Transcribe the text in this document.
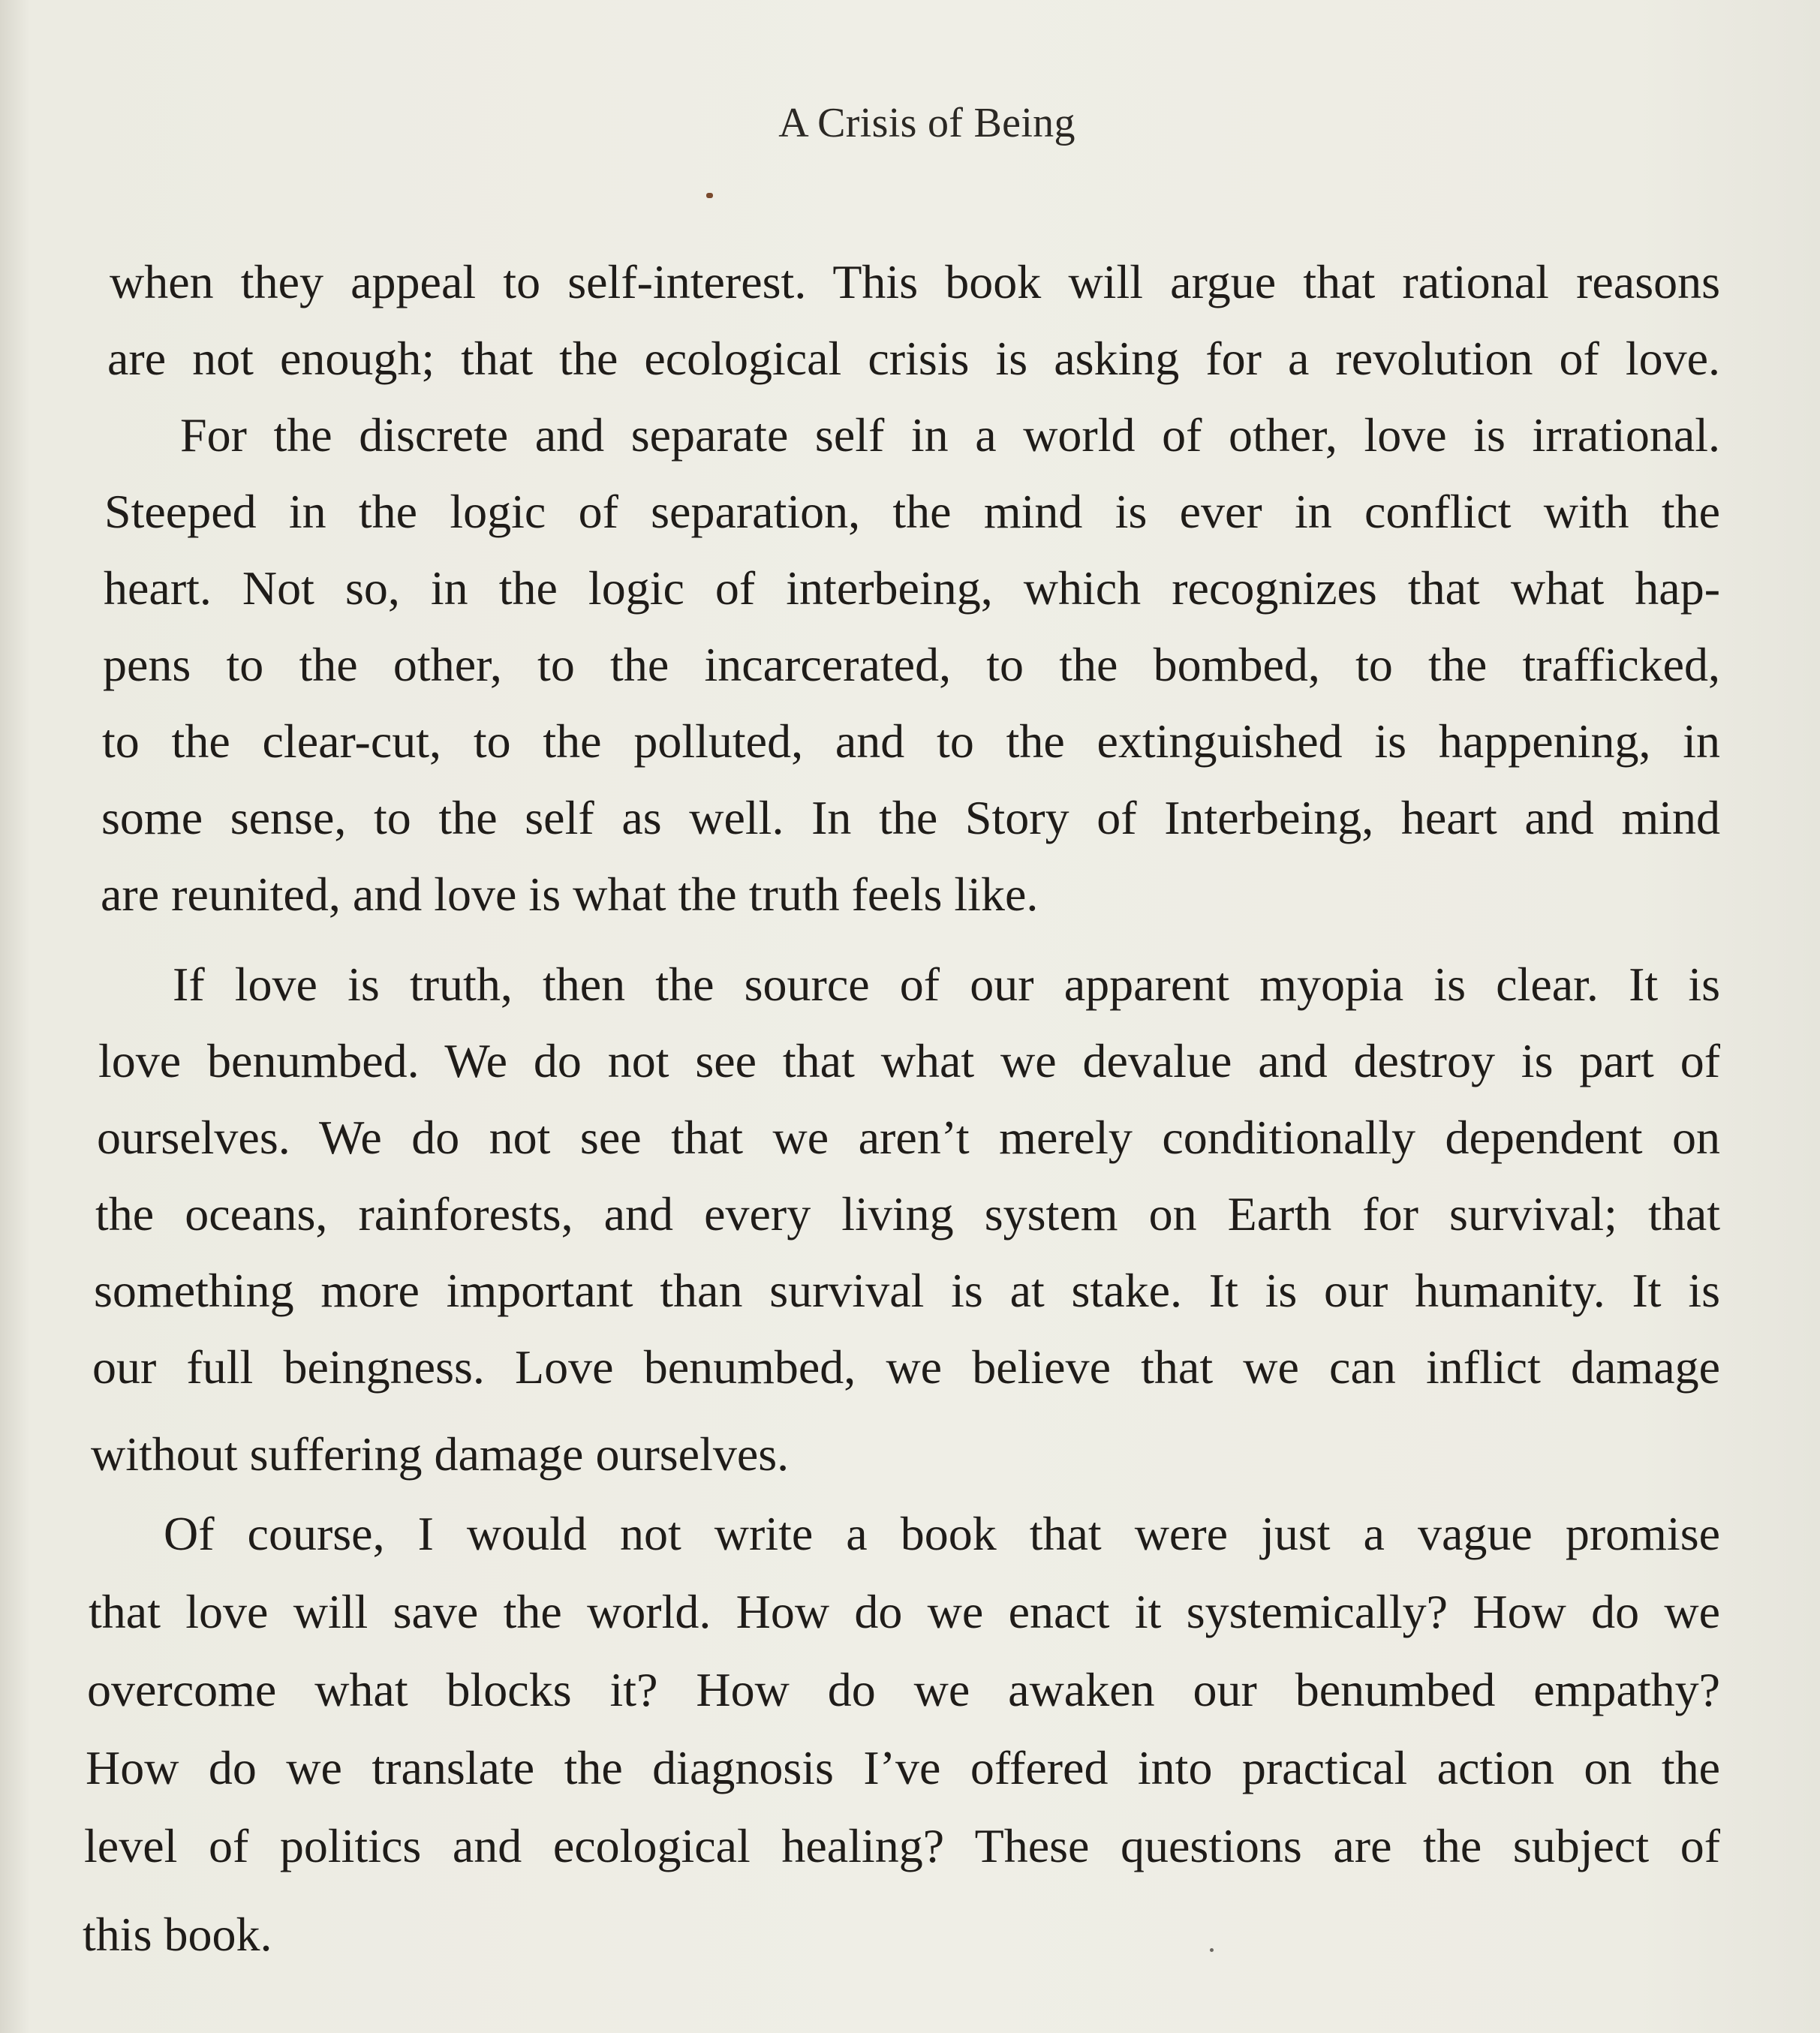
A Crisis of Being
when they appeal to self-interest. This book will argue that rational reasons
are not enough; that the ecological crisis is asking for a revolution of love.
For the discrete and separate self in a world of other, love is irrational.
Steeped in the logic of separation, the mind is ever in conflict with the
heart. Not so, in the logic of interbeing, which recognizes that what hap-
pens to the other, to the incarcerated, to the bombed, to the trafficked,
to the clear-cut, to the polluted, and to the extinguished is happening, in
some sense, to the self as well. In the Story of Interbeing, heart and mind
are reunited, and love is what the truth feels like.
If love is truth, then the source of our apparent myopia is clear. It is
love benumbed. We do not see that what we devalue and destroy is part of
ourselves. We do not see that we aren’t merely conditionally dependent on
the oceans, rainforests, and every living system on Earth for survival; that
something more important than survival is at stake. It is our humanity. It is
our full beingness. Love benumbed, we believe that we can inflict damage
without suffering damage ourselves.
Of course, I would not write a book that were just a vague promise
that love will save the world. How do we enact it systemically? How do we
overcome what blocks it? How do we awaken our benumbed empathy?
How do we translate the diagnosis I’ve offered into practical action on the
level of politics and ecological healing? These questions are the subject of
this book.
